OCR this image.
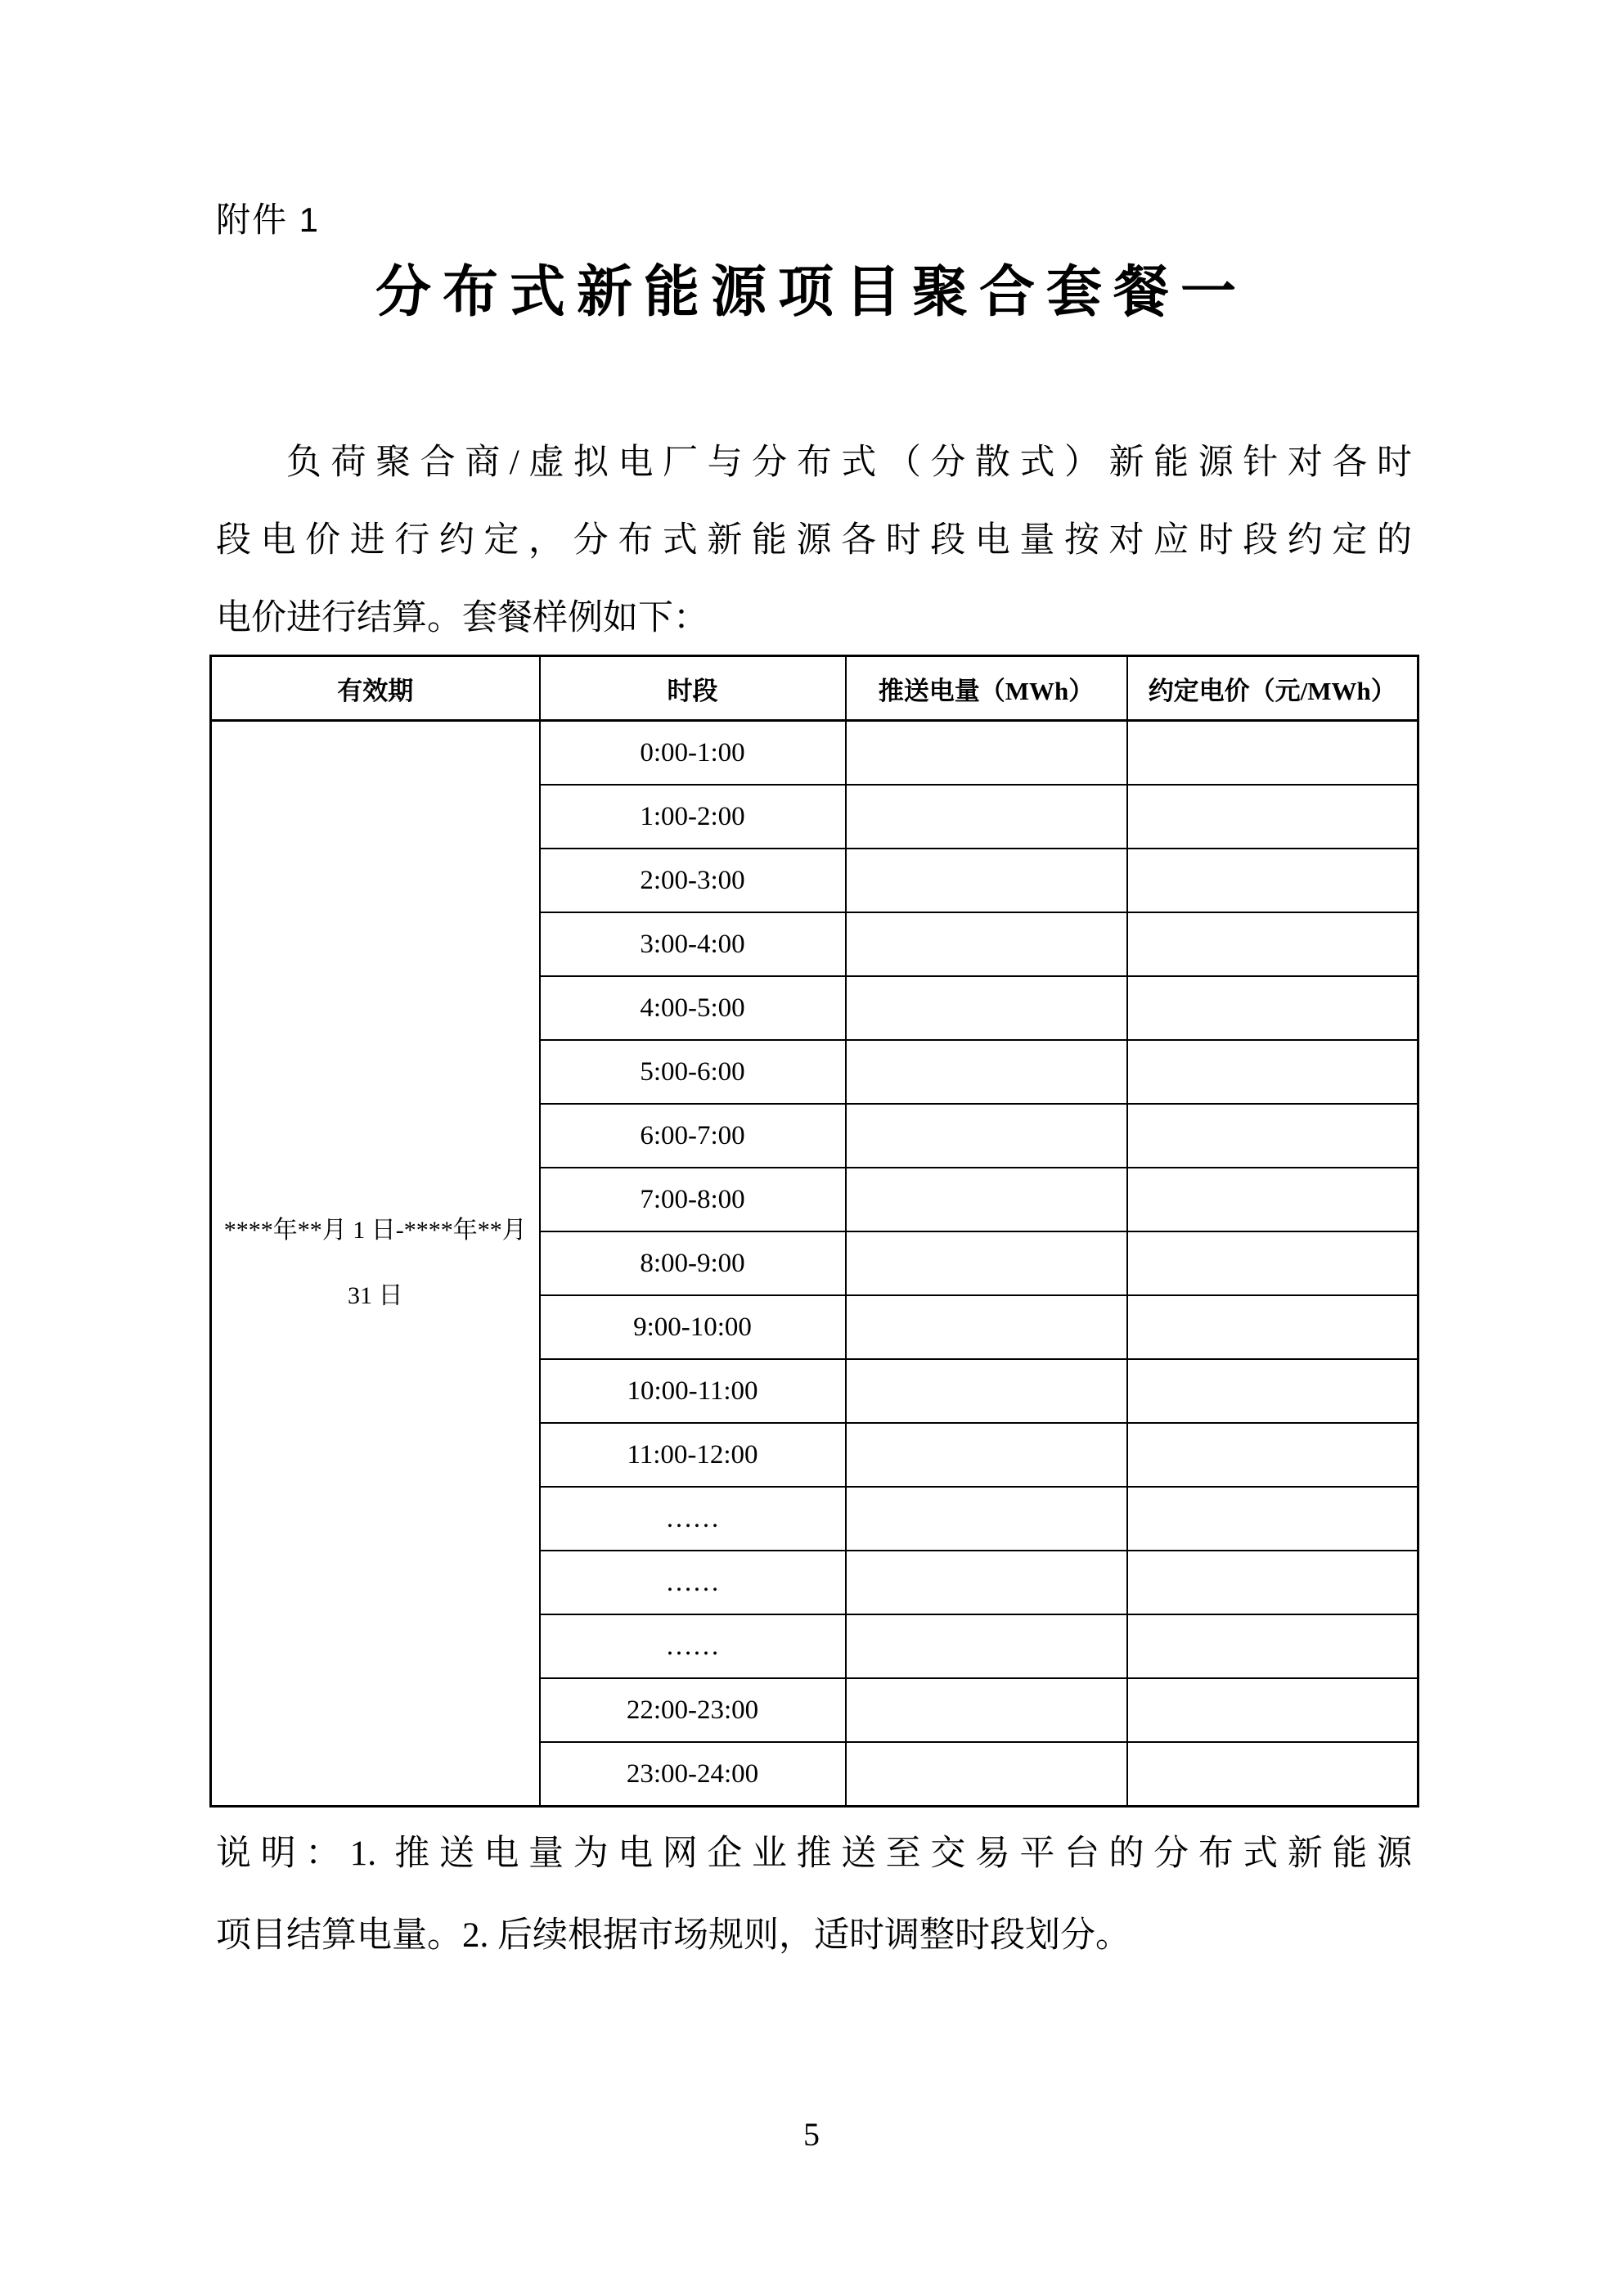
附件 1
分布式新能源项目聚合套餐一
负荷聚合商/虚拟电厂与分布式（分散式）新能源针对各时
段电价进行约定，分布式新能源各时段电量按对应时段约定的
电价进行结算。套餐样例如下：
有效期	时段	推送电量（MWh）	约定电价（元/MWh）

****年**月 1 日-****年**月
31 日	0:00-1:00		
	1:00-2:00		
	2:00-3:00		
	3:00-4:00		
	4:00-5:00		
	5:00-6:00		
	6:00-7:00		
	7:00-8:00		
	8:00-9:00		
	9:00-10:00		
	10:00-11:00		
	11:00-12:00		
	……		
	……		
	……		
	22:00-23:00		
	23:00-24:00		
说明：1. 推送电量为电网企业推送至交易平台的分布式新能源
项目结算电量。2. 后续根据市场规则，适时调整时段划分。
5
